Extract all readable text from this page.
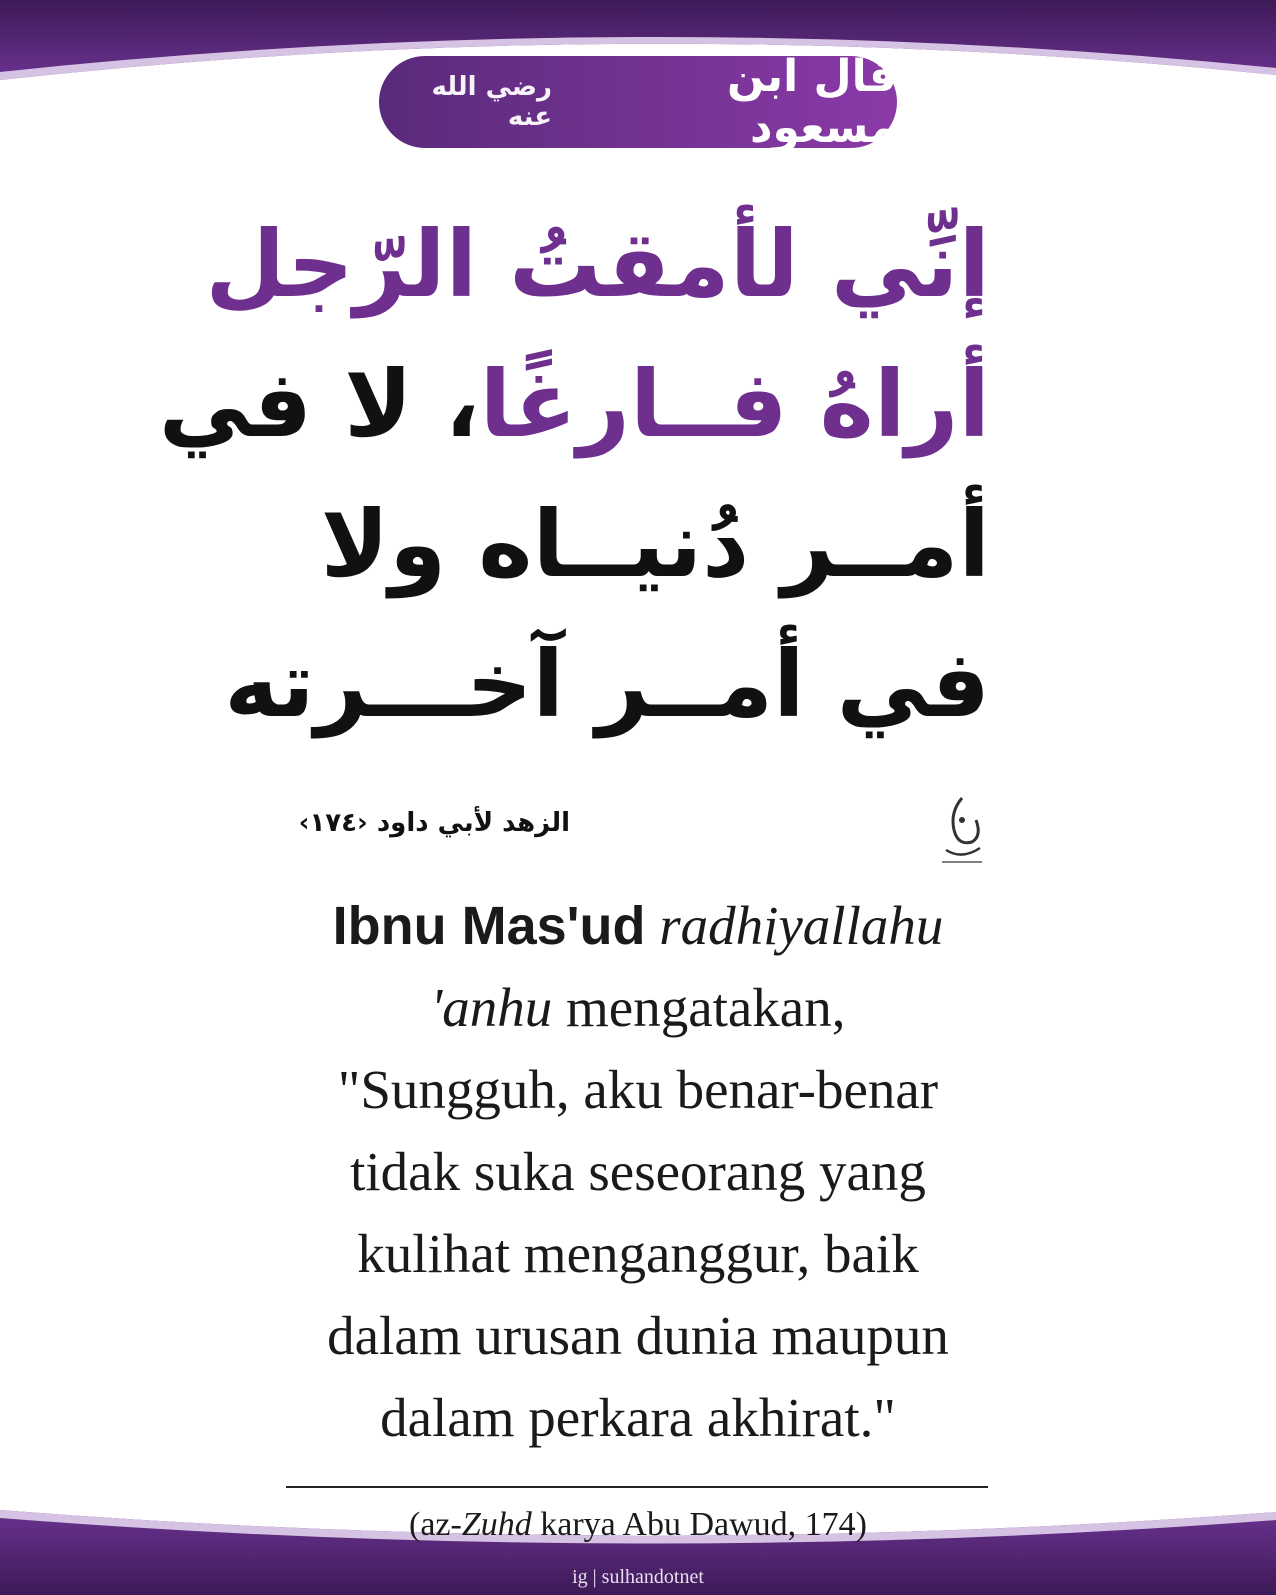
قال ابن مسعود
رضي الله عنه
إنِّي لأمقتُ الرّجل
أراهُ فــارغًا، لا في
أمــر دُنيــاه ولا
في أمــر آخـــرته
الزهد لأبي داود ‹١٧٤›
Ibnu Mas'ud radhiyallahu
'anhu mengatakan,
"Sungguh, aku benar-benar
tidak suka seseorang yang
kulihat menganggur, baik
dalam urusan dunia maupun
dalam perkara akhirat."
(az-Zuhd karya Abu Dawud, 174)
ig | sulhandotnet
